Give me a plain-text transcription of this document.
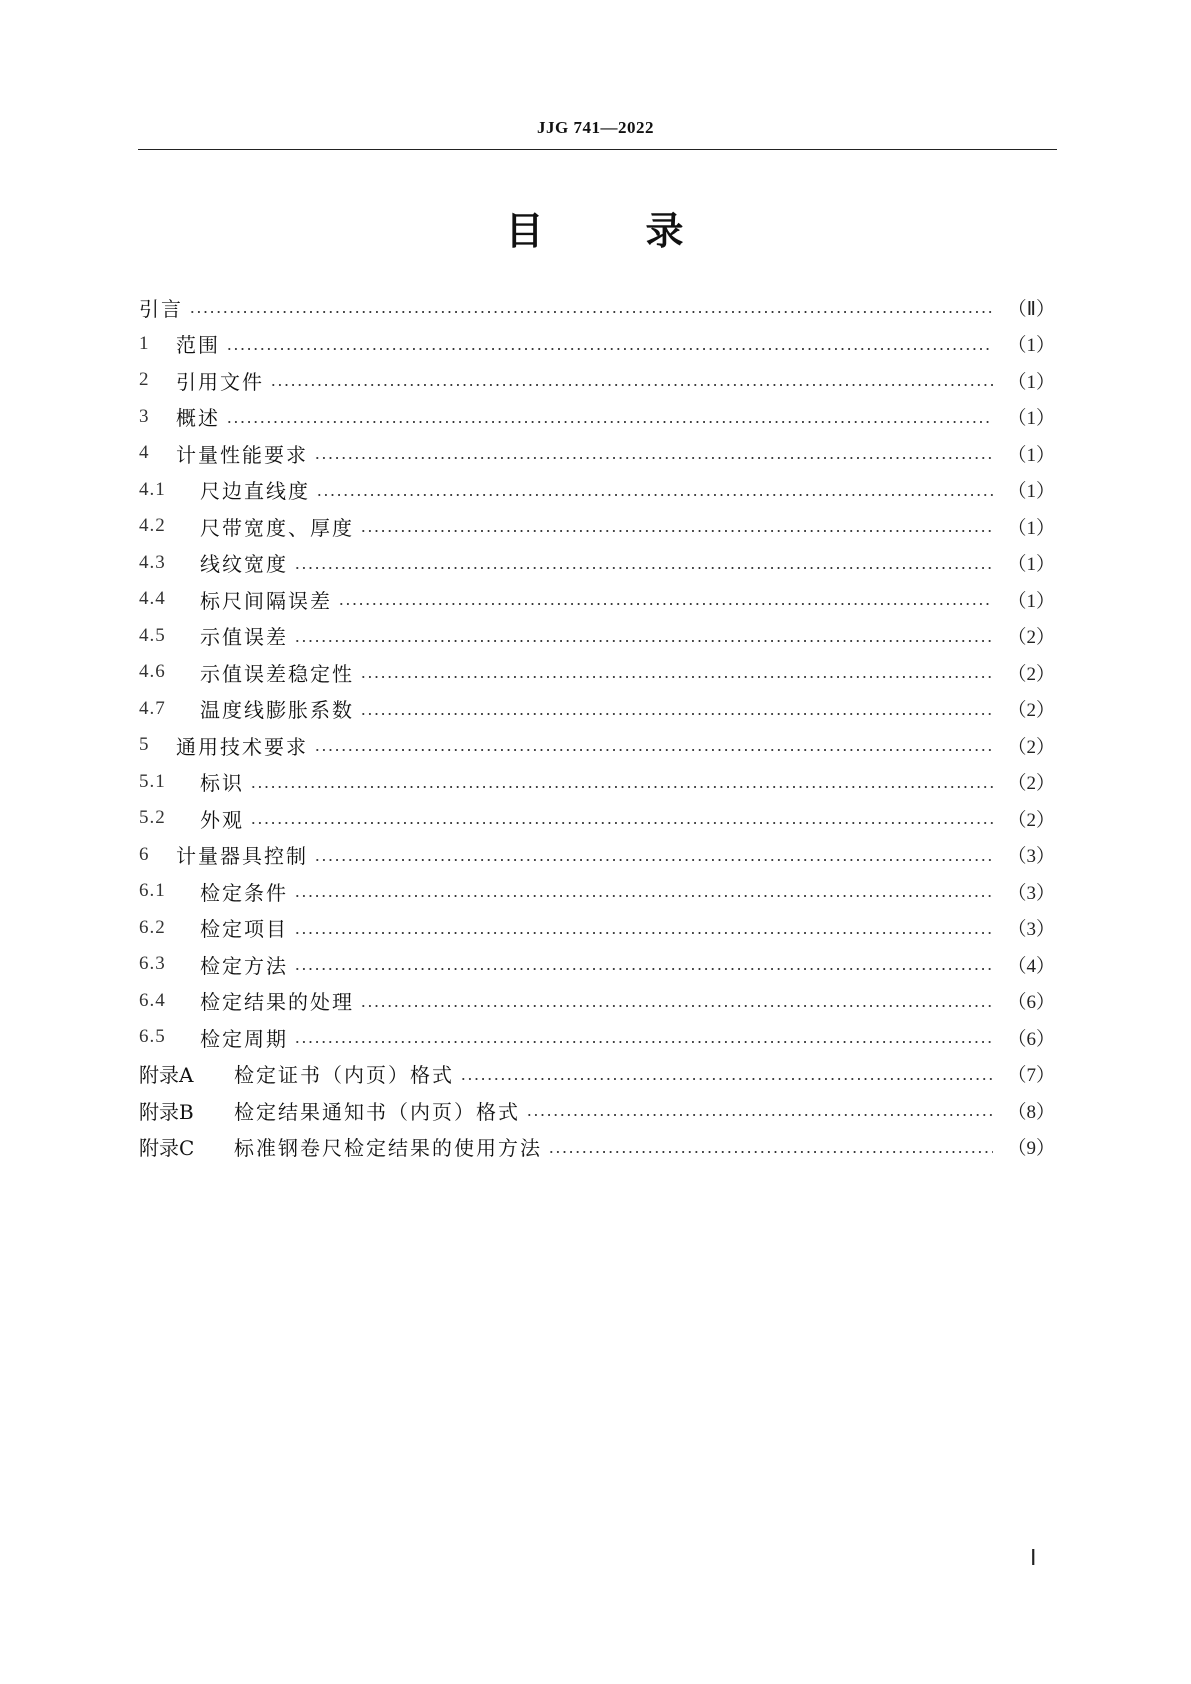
JJG 741—2022
目	录
引言	（Ⅱ）
1	范围	（1）
2	引用文件	（1）
3	概述	（1）
4	计量性能要求	（1）
4.1	尺边直线度	（1）
4.2	尺带宽度、厚度	（1）
4.3	线纹宽度	（1）
4.4	标尺间隔误差	（1）
4.5	示值误差	（2）
4.6	示值误差稳定性	（2）
4.7	温度线膨胀系数	（2）
5	通用技术要求	（2）
5.1	标识	（2）
5.2	外观	（2）
6	计量器具控制	（3）
6.1	检定条件	（3）
6.2	检定项目	（3）
6.3	检定方法	（4）
6.4	检定结果的处理	（6）
6.5	检定周期	（6）
附录A	检定证书（内页）格式	（7）
附录B	检定结果通知书（内页）格式	（8）
附录C	标准钢卷尺检定结果的使用方法	（9）
Ⅰ
